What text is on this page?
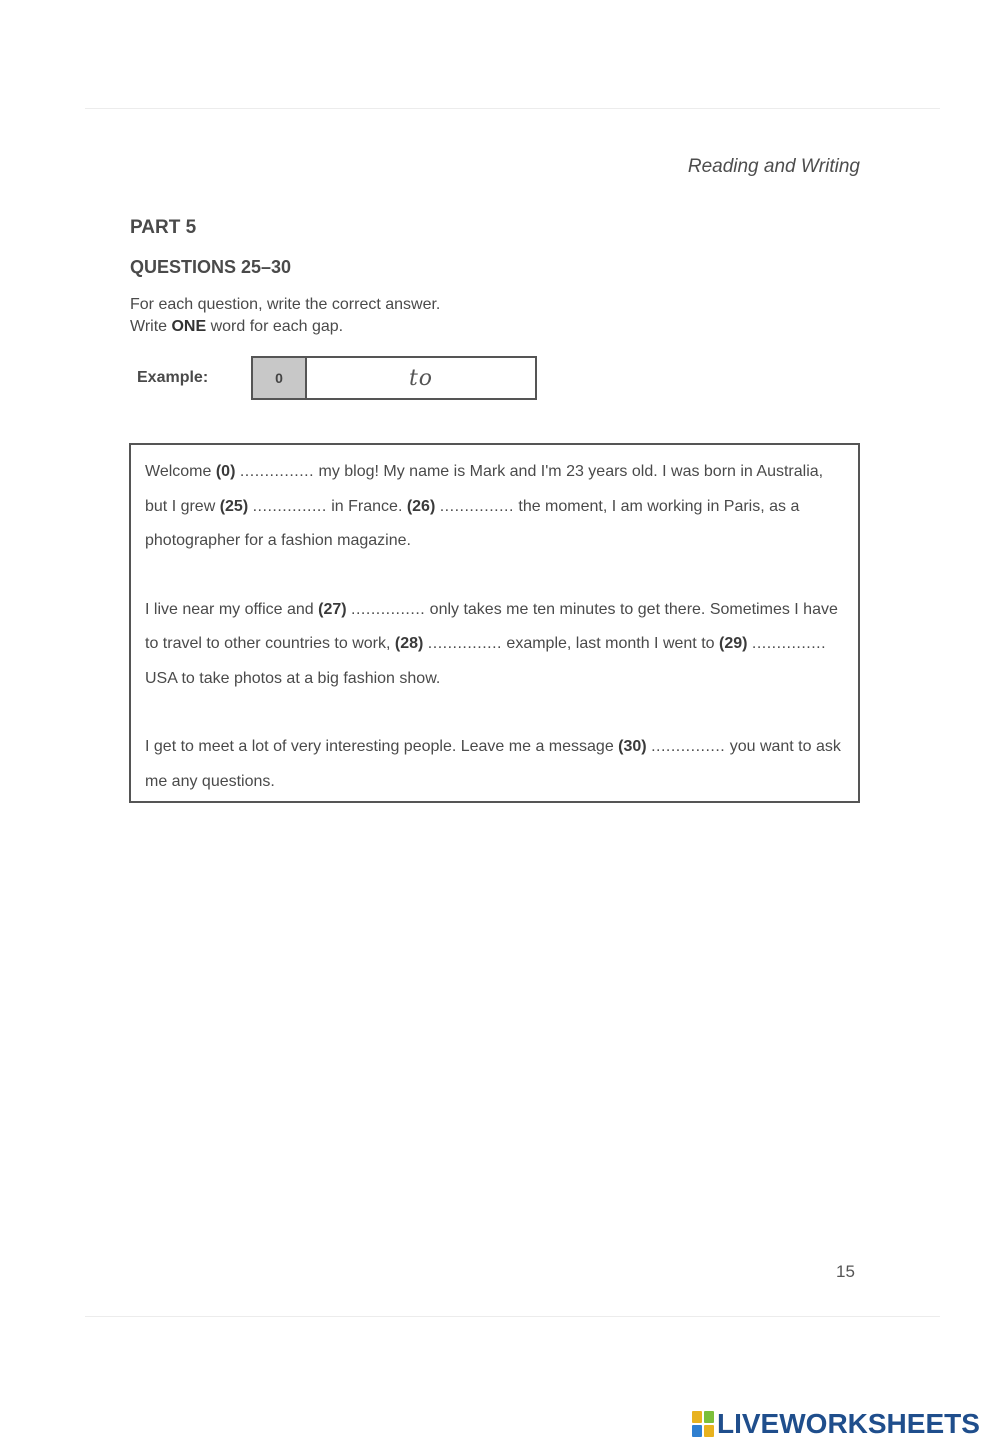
Reading and Writing
PART 5
QUESTIONS 25–30
For each question, write the correct answer.
Write ONE word for each gap.
Example:	0	to

Welcome (0) ............... my blog! My name is Mark and I'm 23 years old. I was born in Australia, but I grew (25) ............... in France. (26) ............... the moment, I am working in Paris, as a photographer for a fashion magazine.

I live near my office and (27) ............... only takes me ten minutes to get there. Sometimes I have to travel to other countries to work, (28) ............... example, last month I went to (29) ............... USA to take photos at a big fashion show.

I get to meet a lot of very interesting people. Leave me a message (30) ............... you want to ask me any questions.

15
LIVEWORKSHEETS
